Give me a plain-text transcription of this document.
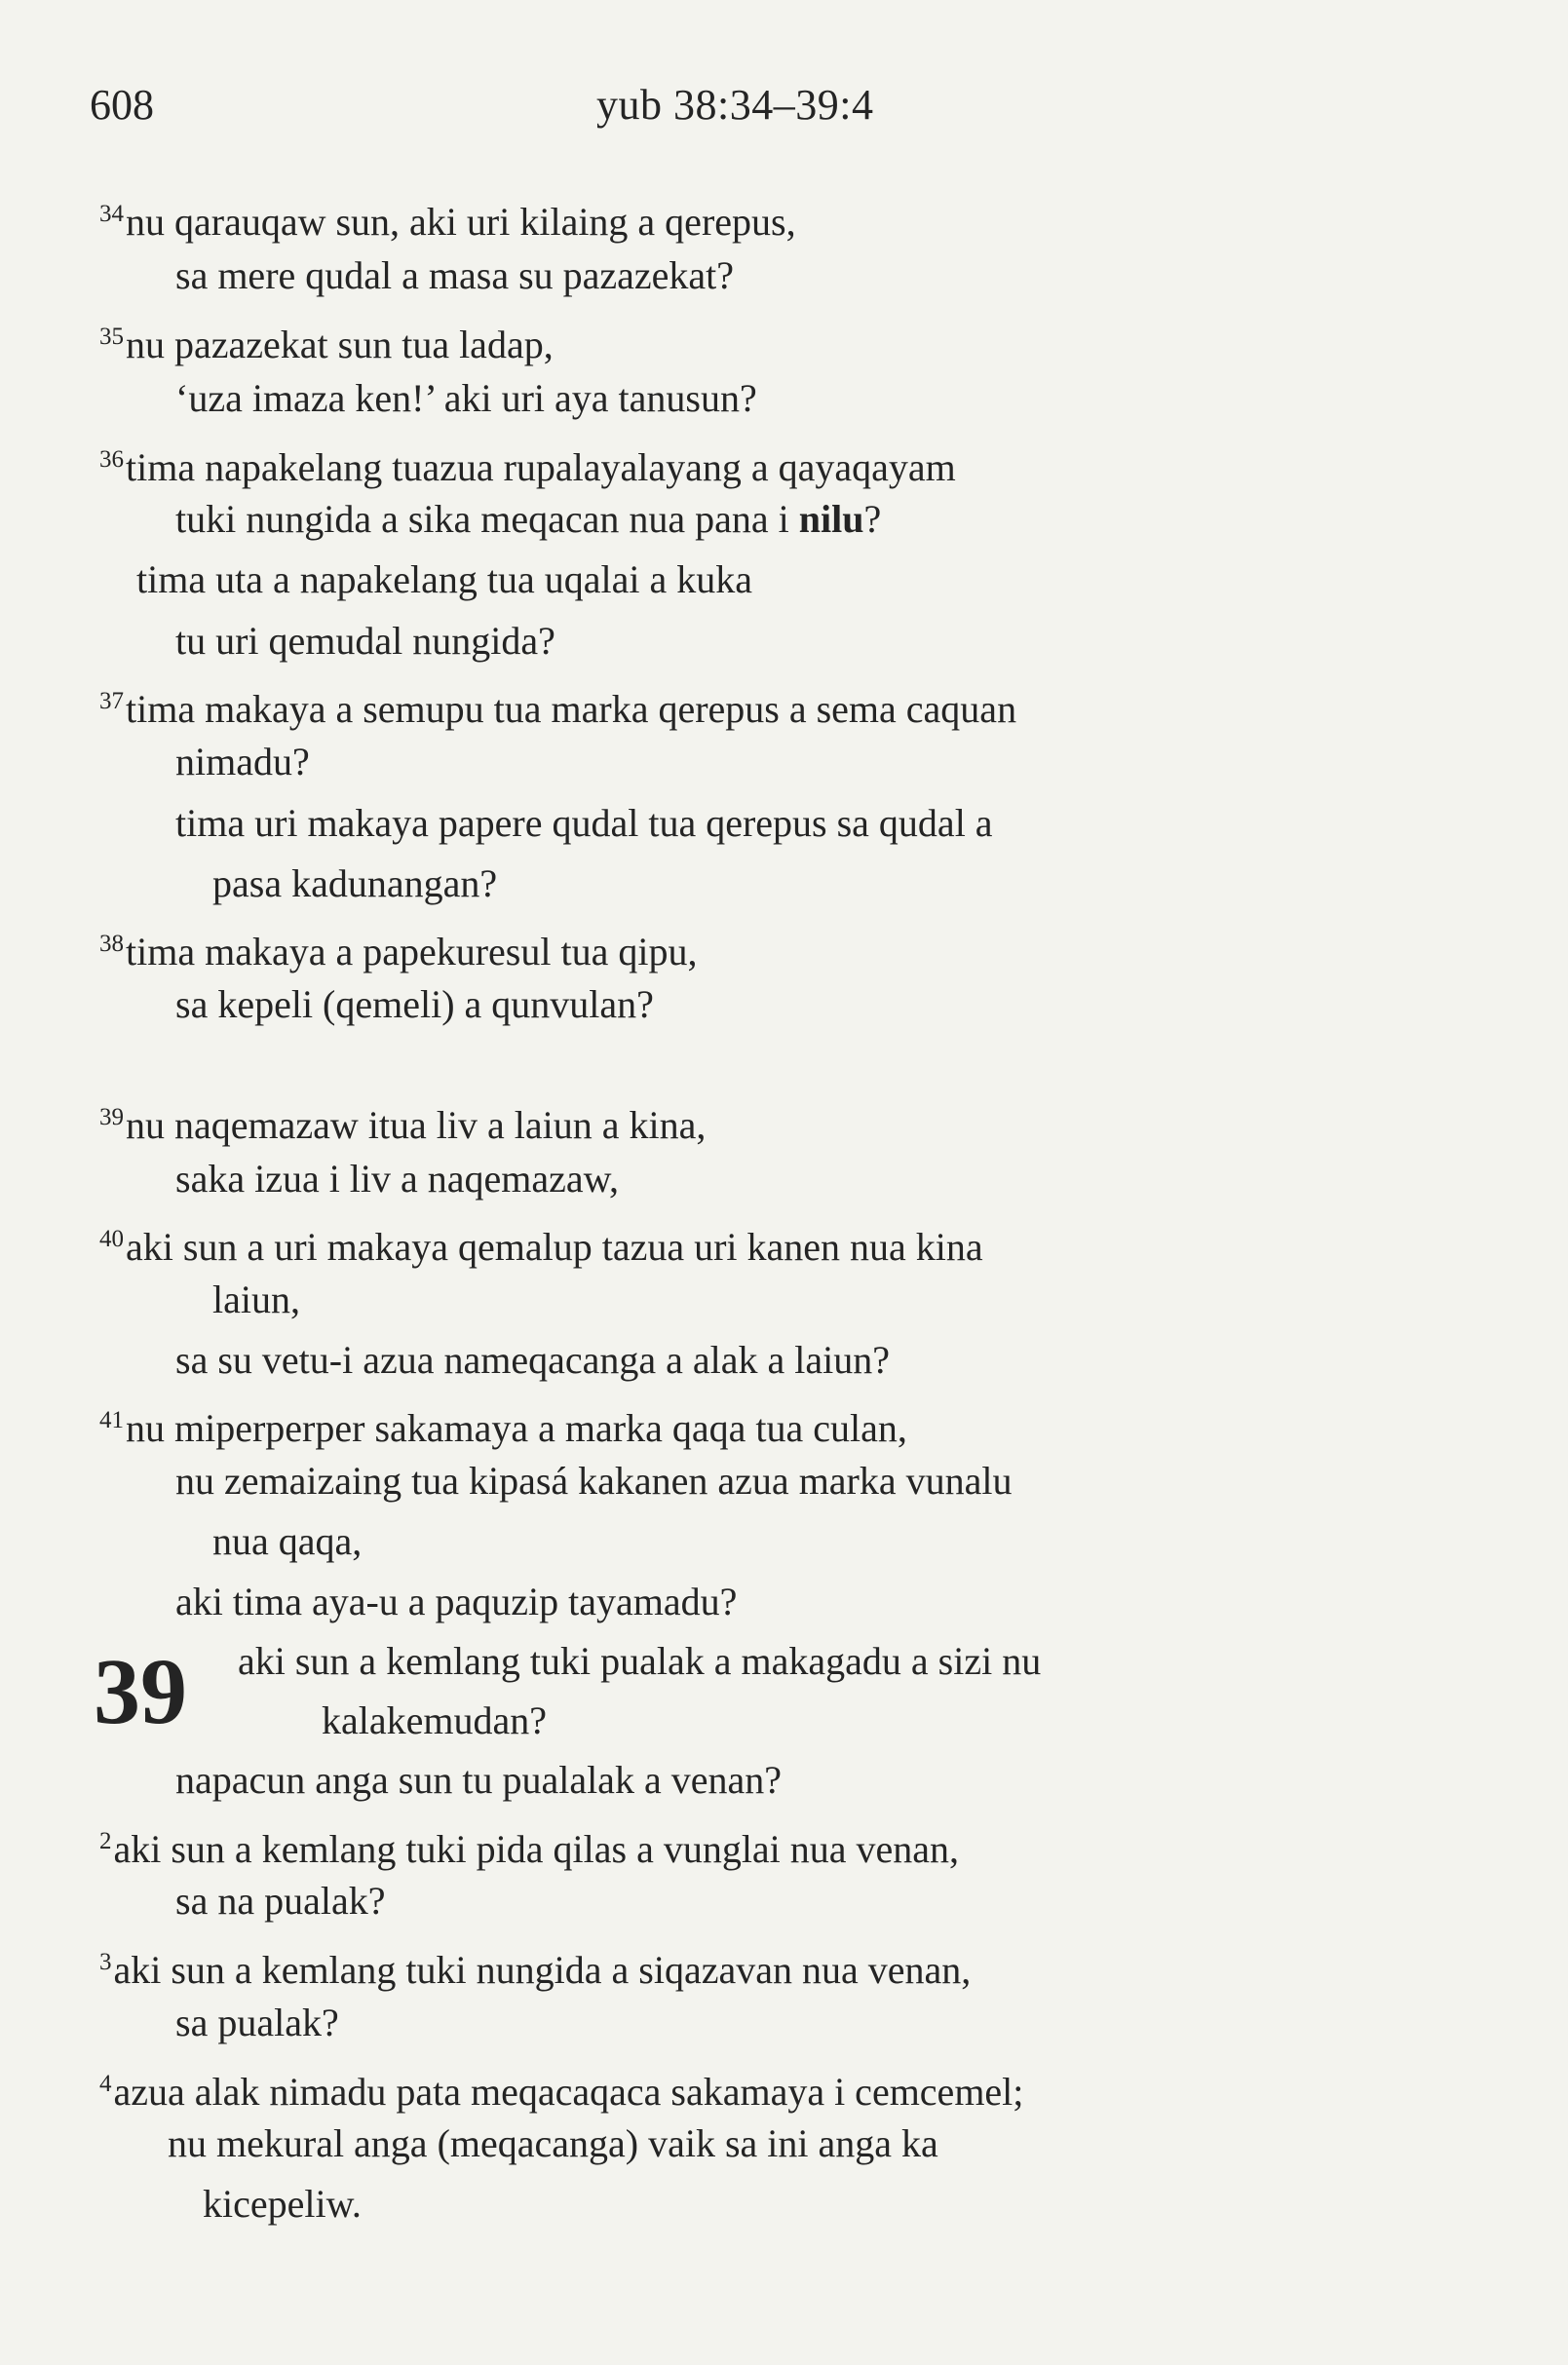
608	yub 38:34–39:4
39
$^{34}$nu qarauqaw sun, aki uri kilaing a qerepus,
sa mere qudal a masa su pazazekat?
$^{35}$nu pazazekat sun tua ladap,
‘uza imaza ken!’ aki uri aya tanusun?
$^{36}$tima napakelang tuazua rupalayalayang a qayaqayam
tuki nungida a sika meqacan nua pana i nilu?
tima uta a napakelang tua uqalai a kuka
tu uri qemudal nungida?
$^{37}$tima makaya a semupu tua marka qerepus a sema caquan
nimadu?
tima uri makaya papere qudal tua qerepus sa qudal a
pasa kadunangan?
$^{38}$tima makaya a papekuresul tua qipu,
sa kepeli (qemeli) a qunvulan?
$^{39}$nu naqemazaw itua liv a laiun a kina,
saka izua i liv a naqemazaw,
$^{40}$aki sun a uri makaya qemalup tazua uri kanen nua kina
laiun,
sa su vetu-i azua nameqacanga a alak a laiun?
$^{41}$nu miperperper sakamaya a marka qaqa tua culan,
nu zemaizaing tua kipasá kakanen azua marka vunalu
nua qaqa,
aki tima aya-u a paquzip tayamadu?
aki sun a kemlang tuki pualak a makagadu a sizi nu
kalakemudan?
napacun anga sun tu pualalak a venan?
$^2$aki sun a kemlang tuki pida qilas a vunglai nua venan,
sa na pualak?
$^3$aki sun a kemlang tuki nungida a siqazavan nua venan,
sa pualak?
$^4$azua alak nimadu pata meqacaqaca sakamaya i cemcemel;
nu mekural anga (meqacanga) vaik sa ini anga ka
kicepeliw.
